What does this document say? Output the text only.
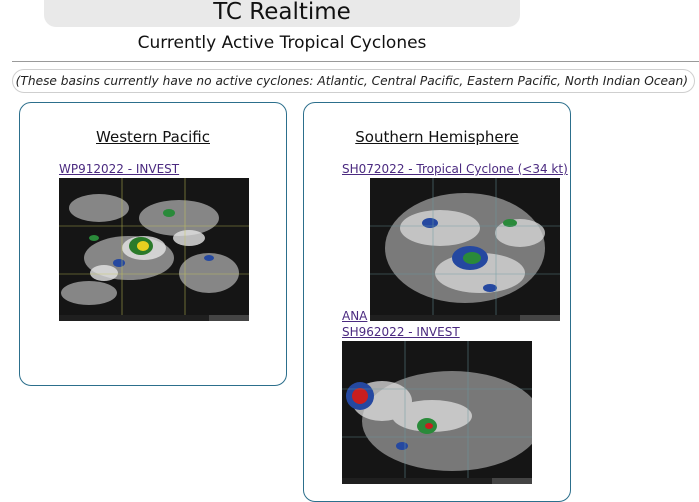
TC Realtime
Currently Active Tropical Cyclones
(These basins currently have no active cyclones: Atlantic, Central Pacific, Eastern Pacific, North Indian Ocean)
Western Pacific
WP912022 - INVEST
Southern Hemisphere
SH072022 - Tropical Cyclone (<34 kt)
ANA
SH962022 - INVEST
